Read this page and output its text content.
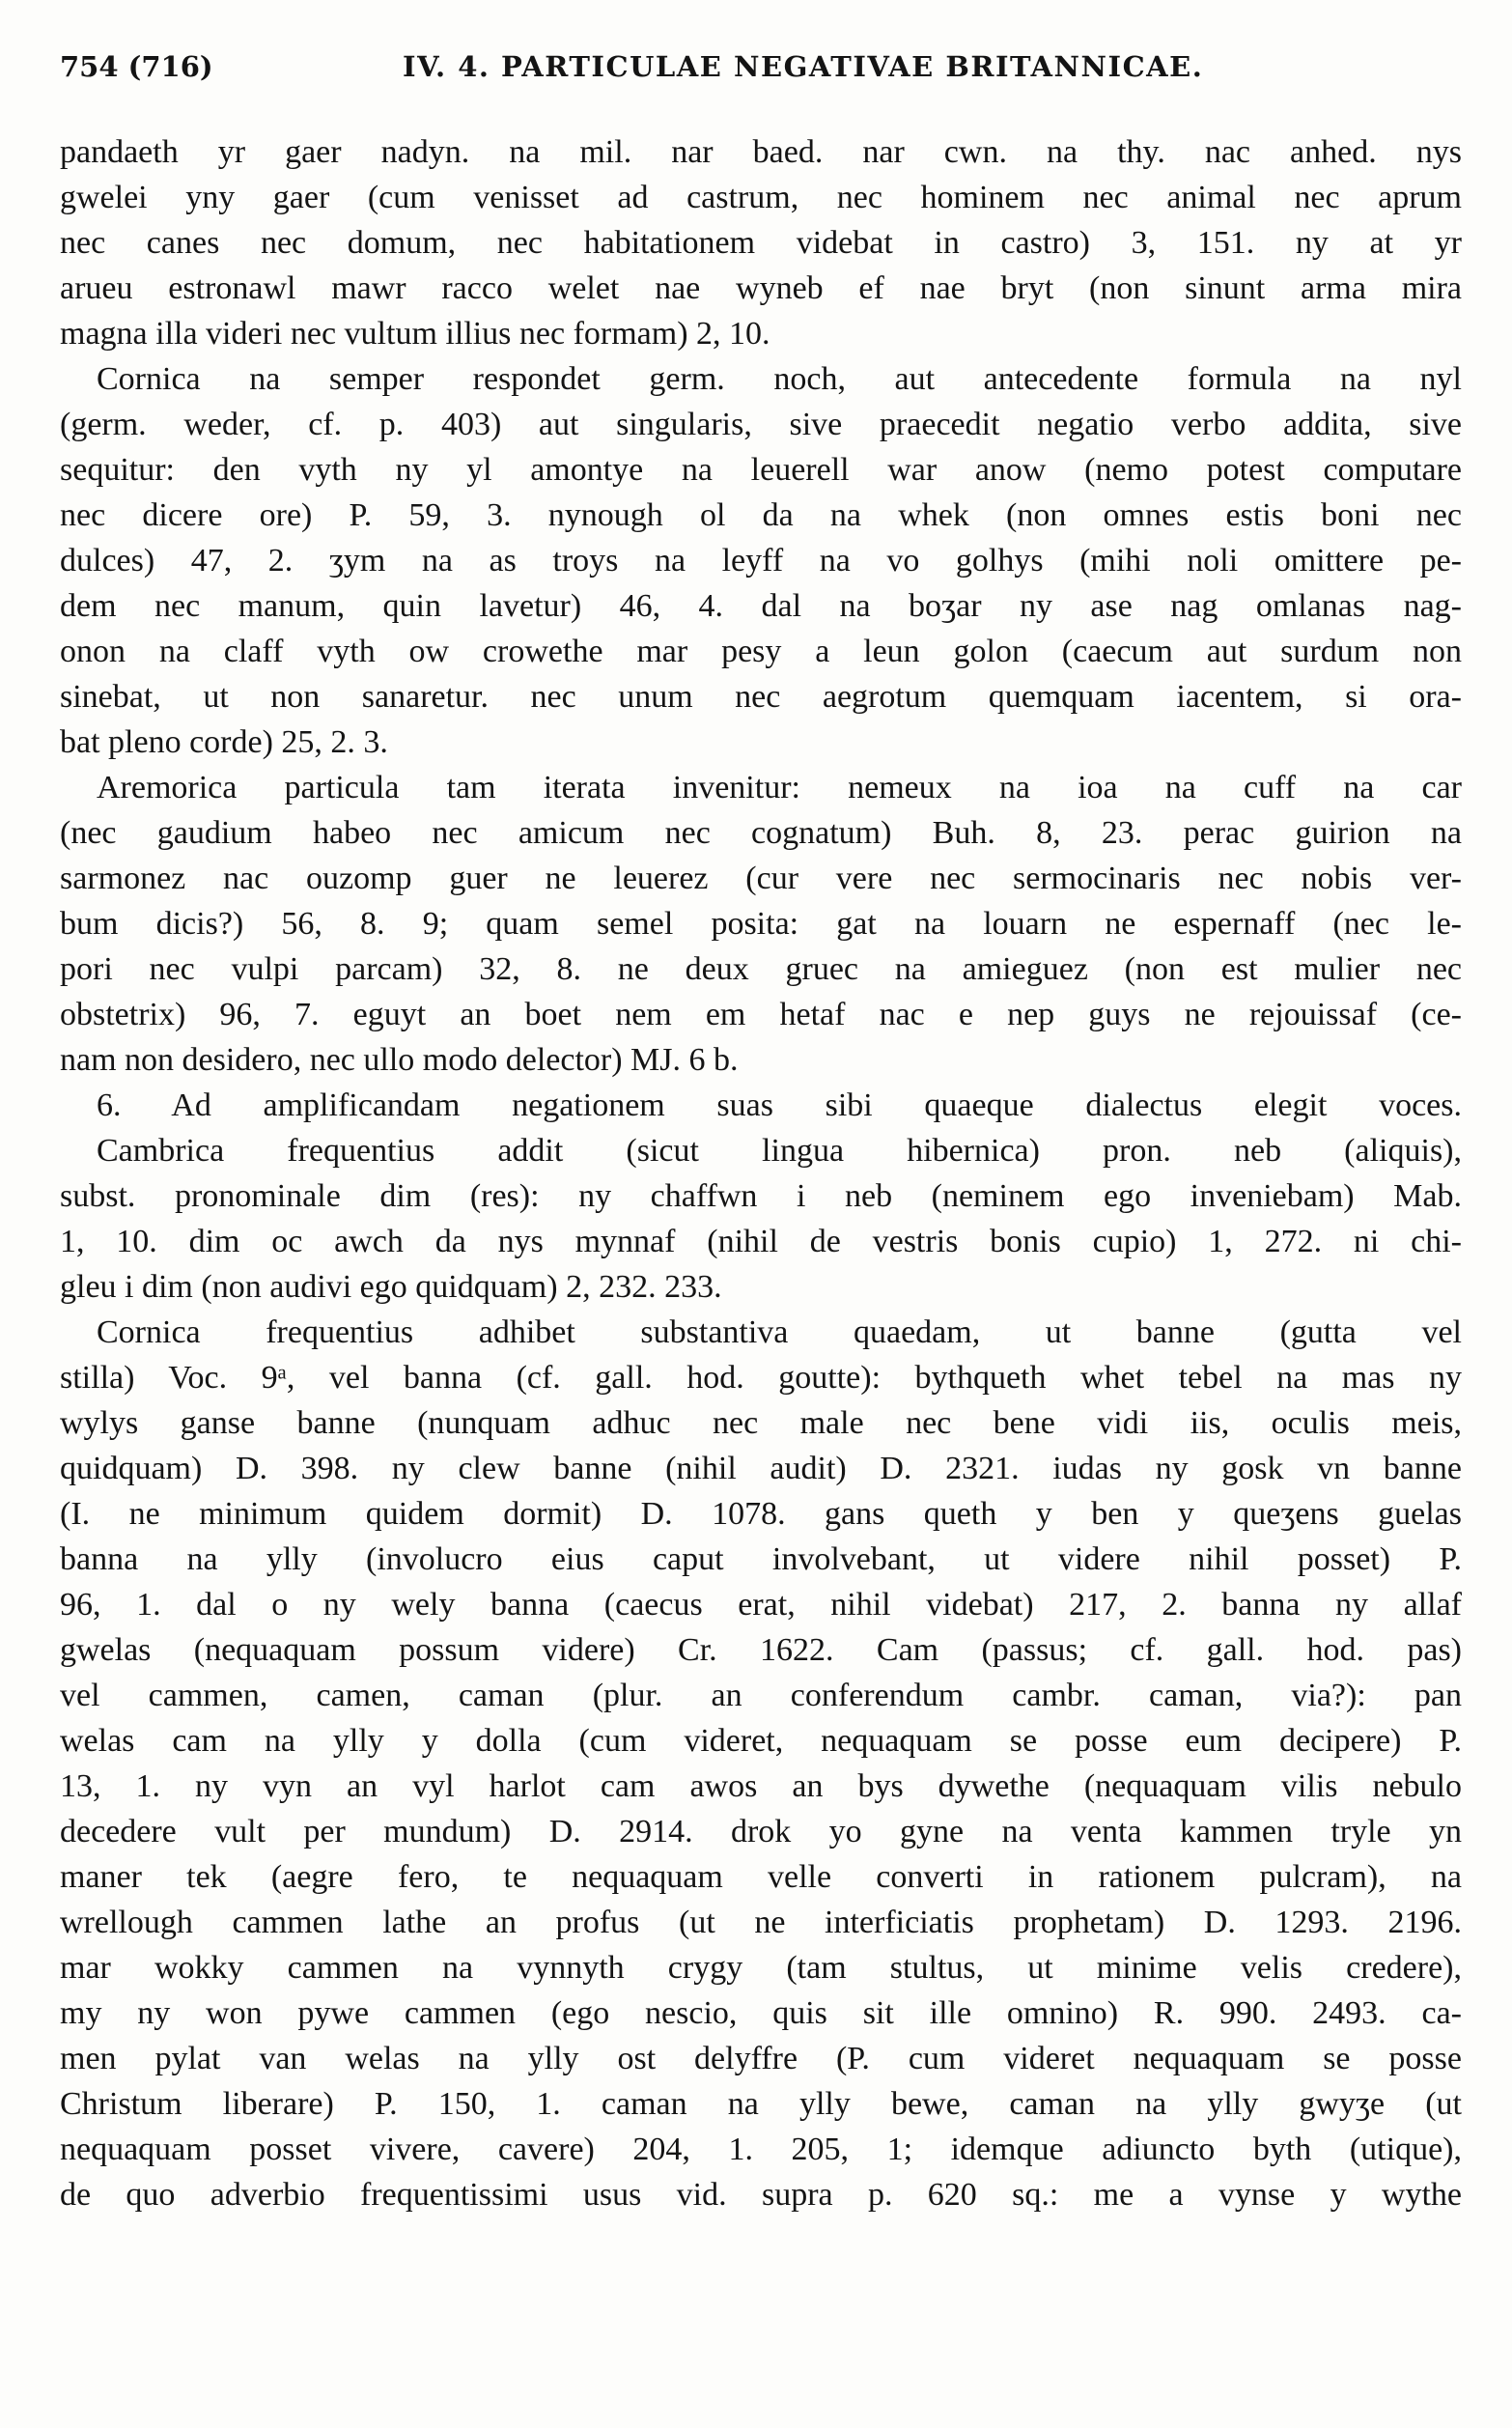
754 (716)	IV. 4. PARTICULAE NEGATIVAE BRITANNICAE.
pandaeth yr gaer nadyn. na mil. nar baed. nar cwn. na thy. nac anhed. nys
gwelei yny gaer (cum venisset ad castrum, nec hominem nec animal nec aprum
nec canes nec domum, nec habitationem videbat in castro) 3, 151. ny at yr
arueu estronawl mawr racco welet nae wyneb ef nae bryt (non sinunt arma mira
magna illa videri nec vultum illius nec formam) 2, 10.
Cornica na semper respondet germ. noch, aut antecedente formula na nyl
(germ. weder, cf. p. 403) aut singularis, sive praecedit negatio verbo addita, sive
sequitur: den vyth ny yl amontye na leuerell war anow (nemo potest computare
nec dicere ore) P. 59, 3. nynough ol da na whek (non omnes estis boni nec
dulces) 47, 2. ʒym na as troys na leyff na vo golhys (mihi noli omittere pe-
dem nec manum, quin lavetur) 46, 4. dal na boʒar ny ase nag omlanas nag-
onon na claff vyth ow crowethe mar pesy a leun golon (caecum aut surdum non
sinebat, ut non sanaretur. nec unum nec aegrotum quemquam iacentem, si ora-
bat pleno corde) 25, 2. 3.
Aremorica particula tam iterata invenitur: nemeux na ioa na cuff na car
(nec gaudium habeo nec amicum nec cognatum) Buh. 8, 23. perac guirion na
sarmonez nac ouzomp guer ne leuerez (cur vere nec sermocinaris nec nobis ver-
bum dicis?) 56, 8. 9; quam semel posita: gat na louarn ne espernaff (nec le-
pori nec vulpi parcam) 32, 8. ne deux gruec na amieguez (non est mulier nec
obstetrix) 96, 7. eguyt an boet nem em hetaf nac e nep guys ne rejouissaf (ce-
nam non desidero, nec ullo modo delector) MJ. 6 b.
6. Ad amplificandam negationem suas sibi quaeque dialectus elegit voces.
Cambrica frequentius addit (sicut lingua hibernica) pron. neb (aliquis),
subst. pronominale dim (res): ny chaffwn i neb (neminem ego inveniebam) Mab.
1, 10. dim oc awch da nys mynnaf (nihil de vestris bonis cupio) 1, 272. ni chi-
gleu i dim (non audivi ego quidquam) 2, 232. 233.
Cornica frequentius adhibet substantiva quaedam, ut banne (gutta vel
stilla) Voc. 9ᵃ, vel banna (cf. gall. hod. goutte): bythqueth whet tebel na mas ny
wylys ganse banne (nunquam adhuc nec male nec bene vidi iis, oculis meis,
quidquam) D. 398. ny clew banne (nihil audit) D. 2321. iudas ny gosk vn banne
(I. ne minimum quidem dormit) D. 1078. gans queth y ben y queʒens guelas
banna na ylly (involucro eius caput involvebant, ut videre nihil posset) P.
96, 1. dal o ny wely banna (caecus erat, nihil videbat) 217, 2. banna ny allaf
gwelas (nequaquam possum videre) Cr. 1622. Cam (passus; cf. gall. hod. pas)
vel cammen, camen, caman (plur. an conferendum cambr. caman, via?): pan
welas cam na ylly y dolla (cum videret, nequaquam se posse eum decipere) P.
13, 1. ny vyn an vyl harlot cam awos an bys dywethe (nequaquam vilis nebulo
decedere vult per mundum) D. 2914. drok yo gyne na venta kammen tryle yn
maner tek (aegre fero, te nequaquam velle converti in rationem pulcram), na
wrellough cammen lathe an profus (ut ne interficiatis prophetam) D. 1293. 2196.
mar wokky cammen na vynnyth crygy (tam stultus, ut minime velis credere),
my ny won pywe cammen (ego nescio, quis sit ille omnino) R. 990. 2493. ca-
men pylat van welas na ylly ost delyffre (P. cum videret nequaquam se posse
Christum liberare) P. 150, 1. caman na ylly bewe, caman na ylly gwyʒe (ut
nequaquam posset vivere, cavere) 204, 1. 205, 1; idemque adiuncto byth (utique),
de quo adverbio frequentissimi usus vid. supra p. 620 sq.: me a vynse y wythe
